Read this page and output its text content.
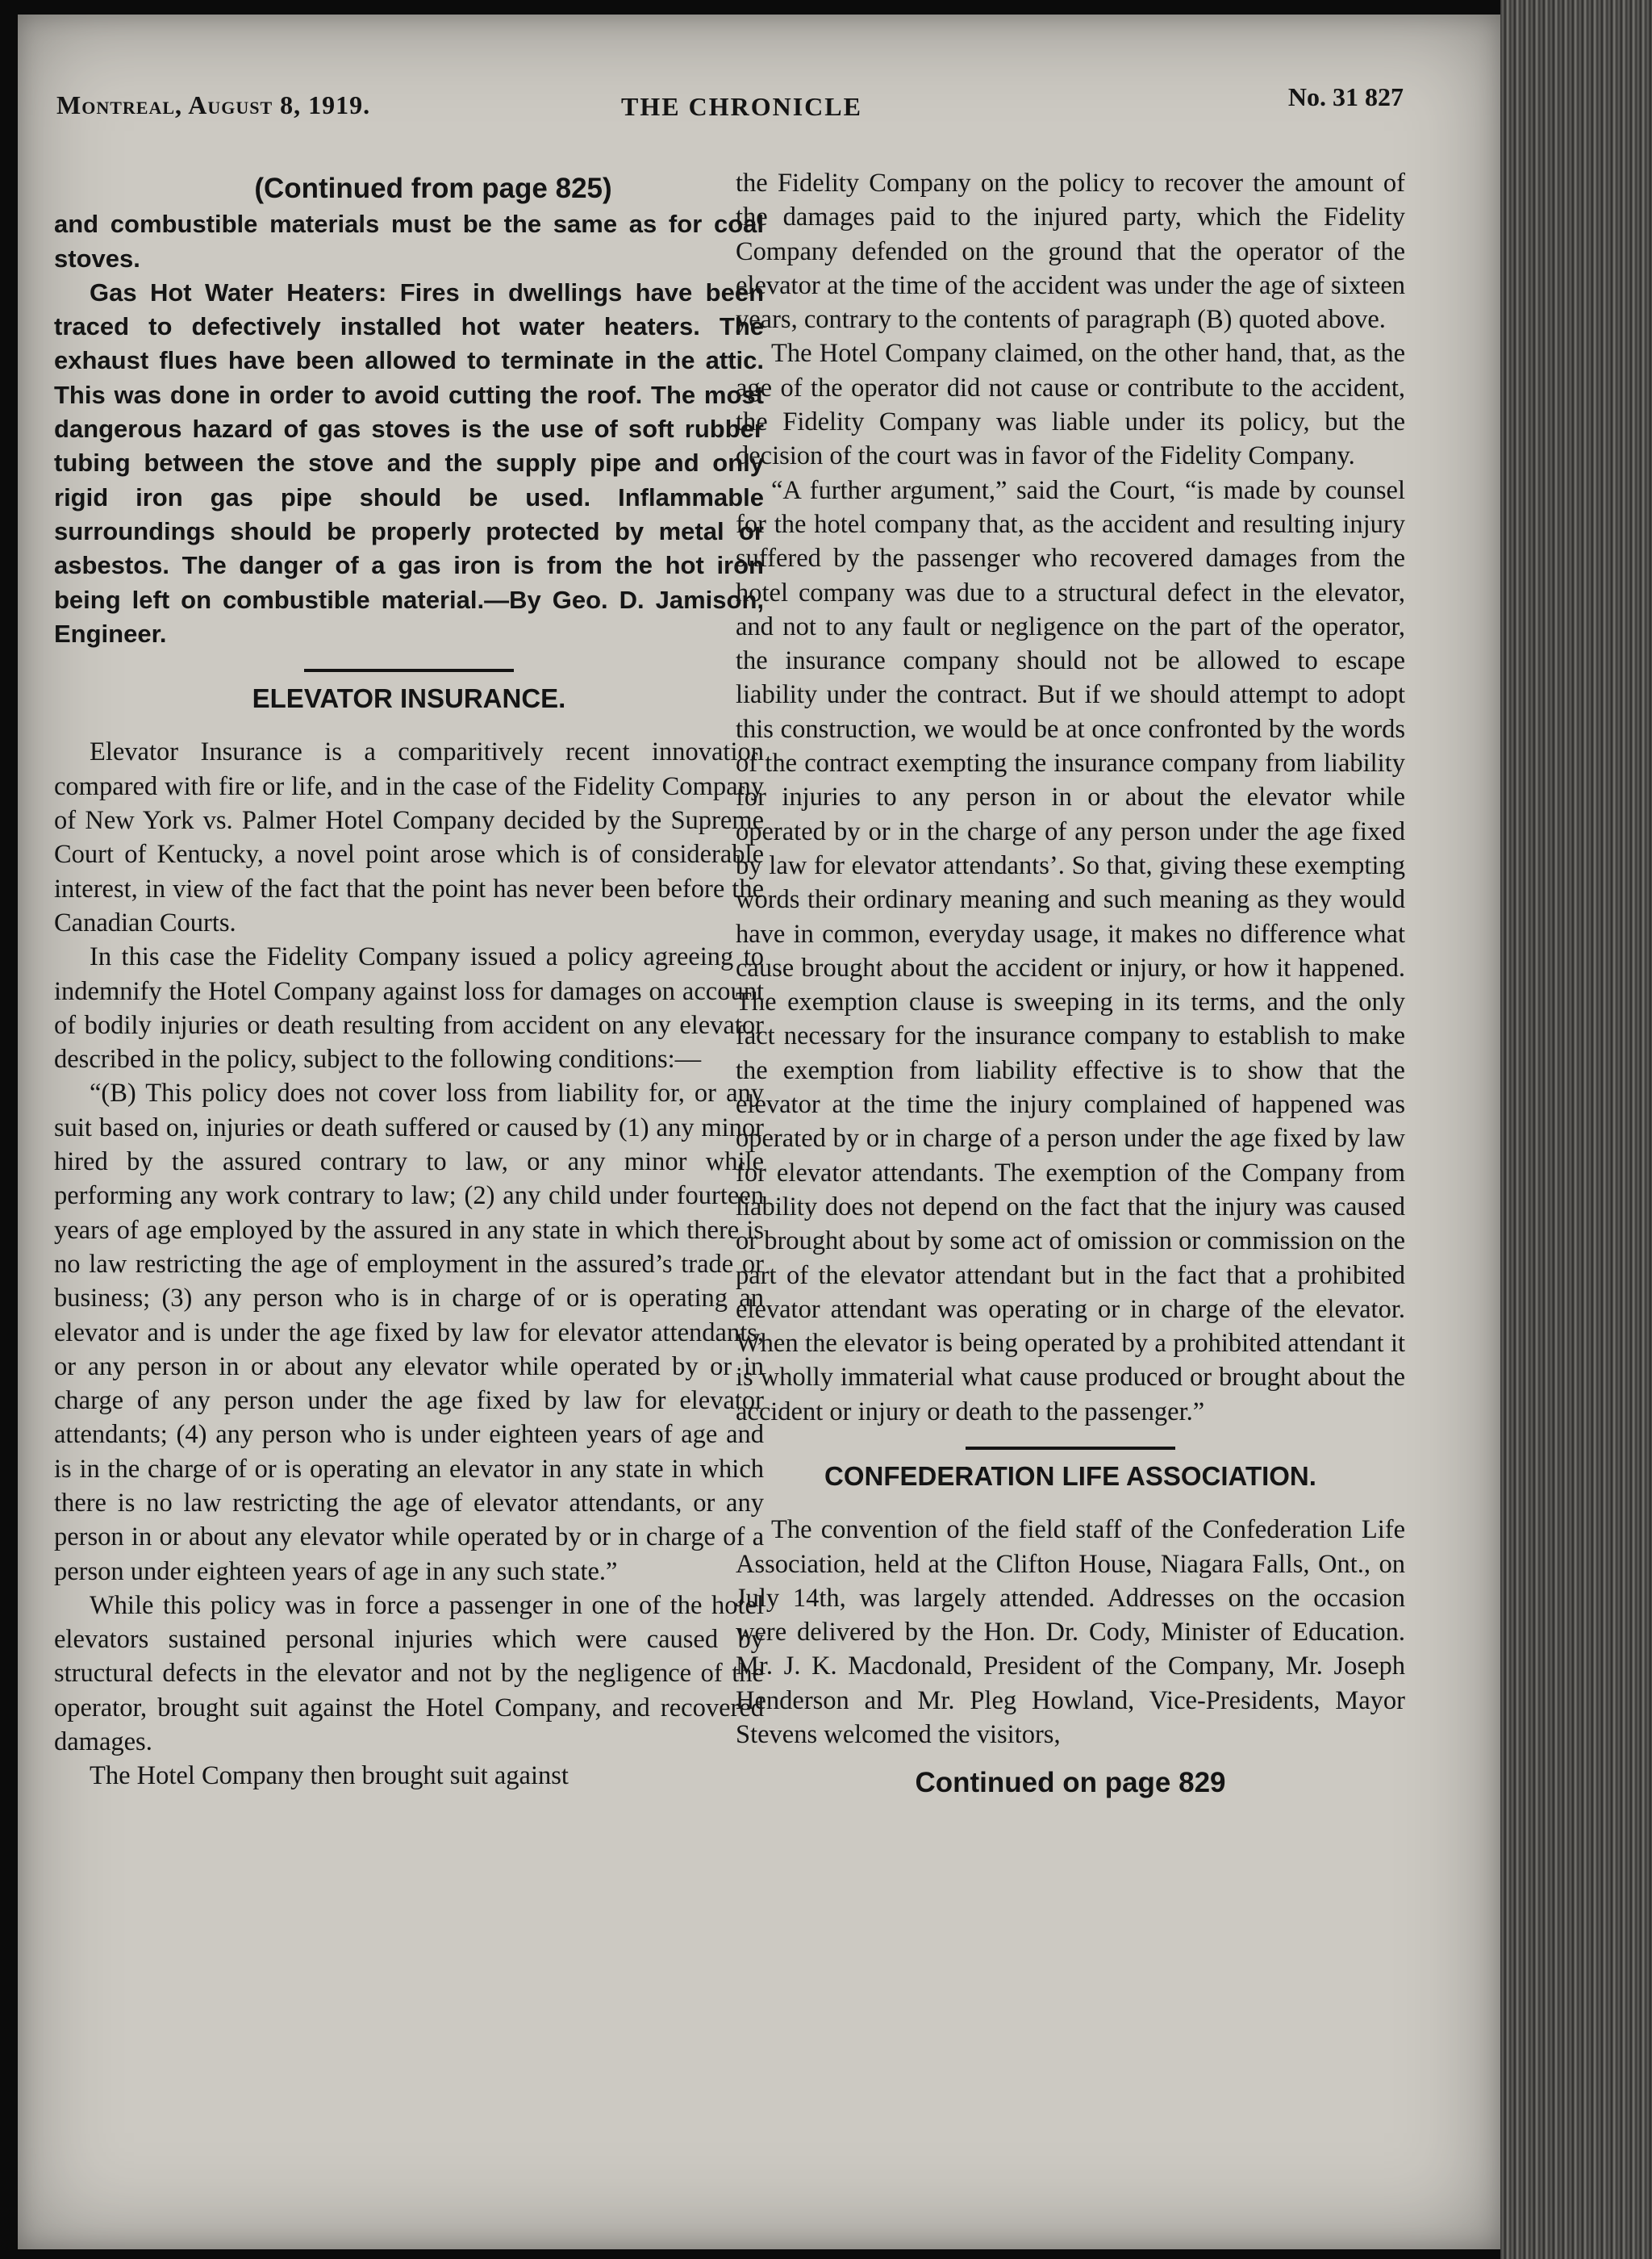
Montreal, August 8, 1919.	THE CHRONICLE	No. 31 827
(Continued from page 825)

and combustible materials must be the same as for coal stoves.

Gas Hot Water Heaters: Fires in dwellings have been traced to defectively installed hot water heaters. The exhaust flues have been allowed to terminate in the attic. This was done in order to avoid cutting the roof. The most dangerous hazard of gas stoves is the use of soft rubber tubing between the stove and the supply pipe and only rigid iron gas pipe should be used. Inflammable surroundings should be properly protected by metal or asbestos. The danger of a gas iron is from the hot iron being left on combustible material.—By Geo. D. Jamison, Engineer.

ELEVATOR INSURANCE.

Elevator Insurance is a comparitively recent innovation compared with fire or life, and in the case of the Fidelity Company of New York vs. Palmer Hotel Company decided by the Supreme Court of Kentucky, a novel point arose which is of considerable interest, in view of the fact that the point has never been before the Canadian Courts.

In this case the Fidelity Company issued a policy agreeing to indemnify the Hotel Company against loss for damages on account of bodily injuries or death resulting from accident on any elevator described in the policy, subject to the following conditions:—

“(B) This policy does not cover loss from liability for, or any suit based on, injuries or death suffered or caused by (1) any minor hired by the assured contrary to law, or any minor while performing any work contrary to law; (2) any child under fourteen years of age employed by the assured in any state in which there is no law restricting the age of employment in the assured’s trade or business; (3) any person who is in charge of or is operating an elevator and is under the age fixed by law for elevator attendants, or any person in or about any elevator while operated by or in charge of any person under the age fixed by law for elevator attendants; (4) any person who is under eighteen years of age and is in the charge of or is operating an elevator in any state in which there is no law restricting the age of elevator attendants, or any person in or about any elevator while operated by or in charge of a person under eighteen years of age in any such state.”

While this policy was in force a passenger in one of the hotel elevators sustained personal injuries which were caused by structural defects in the elevator and not by the negligence of the operator, brought suit against the Hotel Company, and recovered damages.

The Hotel Company then brought suit against

the Fidelity Company on the policy to recover the amount of the damages paid to the injured party, which the Fidelity Company defended on the ground that the operator of the elevator at the time of the accident was under the age of sixteen years, contrary to the contents of paragraph (B) quoted above.

The Hotel Company claimed, on the other hand, that, as the age of the operator did not cause or contribute to the accident, the Fidelity Company was liable under its policy, but the decision of the court was in favor of the Fidelity Company.

“A further argument,” said the Court, “is made by counsel for the hotel company that, as the accident and resulting injury suffered by the passenger who recovered damages from the hotel company was due to a structural defect in the elevator, and not to any fault or negligence on the part of the operator, the insurance company should not be allowed to escape liability under the contract. But if we should attempt to adopt this construction, we would be at once confronted by the words of the contract exempting the insurance company from liability for injuries to any person in or about the elevator while operated by or in the charge of any person under the age fixed by law for elevator attendants’. So that, giving these exempting words their ordinary meaning and such meaning as they would have in common, everyday usage, it makes no difference what cause brought about the accident or injury, or how it happened. The exemption clause is sweeping in its terms, and the only fact necessary for the insurance company to establish to make the exemption from liability effective is to show that the elevator at the time the injury complained of happened was operated by or in charge of a person under the age fixed by law for elevator attendants. The exemption of the Company from liability does not depend on the fact that the injury was caused or brought about by some act of omission or commission on the part of the elevator attendant but in the fact that a prohibited elevator attendant was operating or in charge of the elevator. When the elevator is being operated by a prohibited attendant it is wholly immaterial what cause produced or brought about the accident or injury or death to the passenger.”

CONFEDERATION LIFE ASSOCIATION.

The convention of the field staff of the Confederation Life Association, held at the Clifton House, Niagara Falls, Ont., on July 14th, was largely attended. Addresses on the occasion were delivered by the Hon. Dr. Cody, Minister of Education. Mr. J. K. Macdonald, President of the Company, Mr. Joseph Henderson and Mr. Pleg Howland, Vice-Presidents, Mayor Stevens welcomed the visitors,

Continued on page 829
